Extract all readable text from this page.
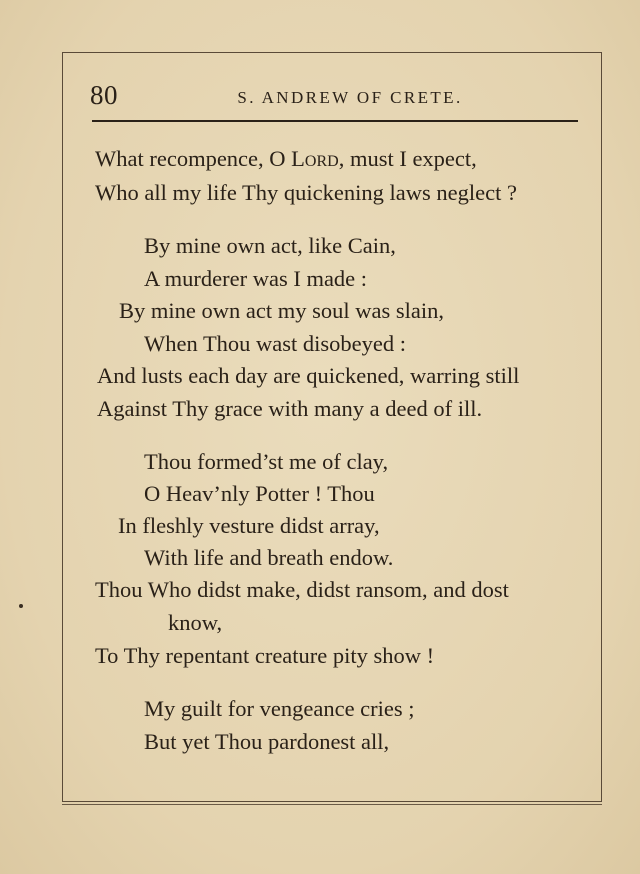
80	S. ANDREW OF CRETE.
What recompence, O Lord, must I expect,
Who all my life Thy quickening laws neglect ?
By mine own act, like Cain,
A murderer was I made :
By mine own act my soul was slain,
When Thou wast disobeyed :
And lusts each day are quickened, warring still
Against Thy grace with many a deed of ill.
Thou formed’st me of clay,
O Heav’nly Potter ! Thou
In fleshly vesture didst array,
With life and breath endow.
Thou Who didst make, didst ransom, and dost
know,
To Thy repentant creature pity show !
My guilt for vengeance cries ;
But yet Thou pardonest all,
